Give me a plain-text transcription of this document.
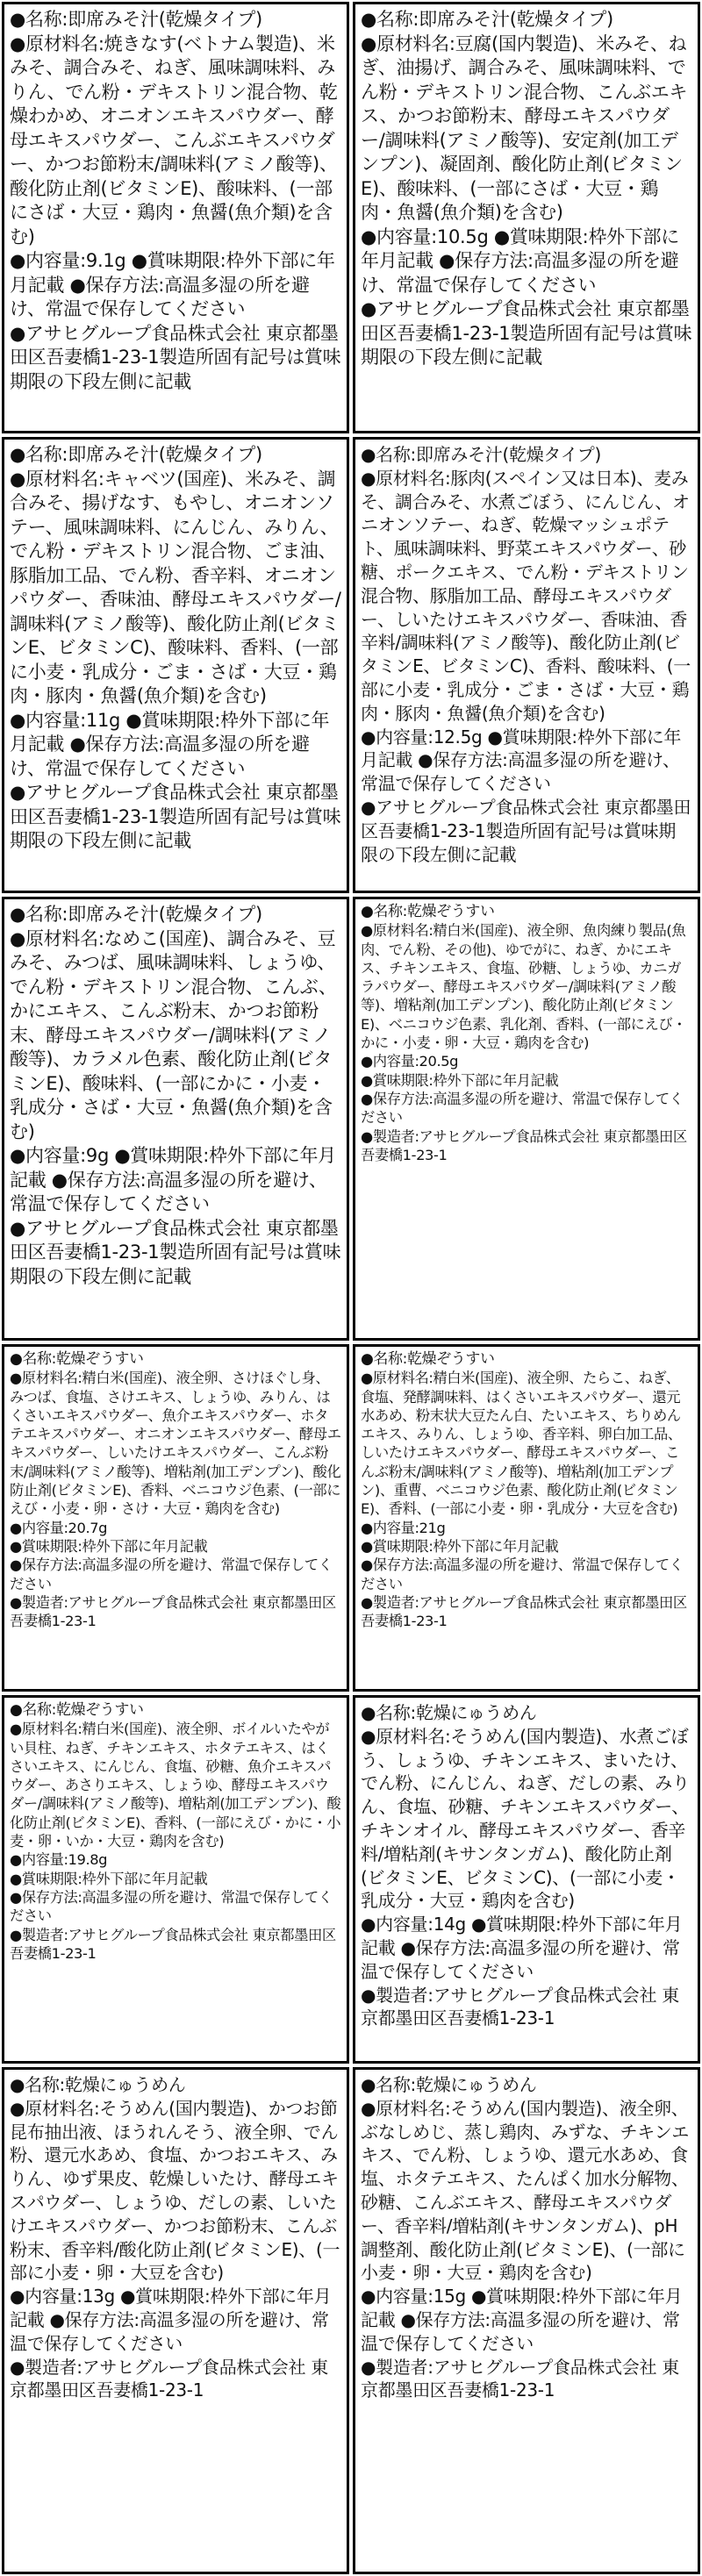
●名称:即席みそ汁(乾燥タイプ)

●原材料名:焼きなす(ベトナム製造)、米みそ、調合みそ、ねぎ、風味調味料、みりん、でん粉・デキストリン混合物、乾燥わかめ、オニオンエキスパウダー、酵母エキスパウダー、こんぶエキスパウダー、かつお節粉末/調味料(アミノ酸等)、酸化防止剤(ビタミンE)、酸味料、(一部にさば・大豆・鶏肉・魚醤(魚介類)を含む)

●内容量:9.1g ●賞味期限:枠外下部に年月記載 ●保存方法:高温多湿の所を避け、常温で保存してください

●アサヒグループ食品株式会社 東京都墨田区吾妻橋1-23-1製造所固有記号は賞味期限の下段左側に記載

●名称:即席みそ汁(乾燥タイプ)

●原材料名:豆腐(国内製造)、米みそ、ねぎ、油揚げ、調合みそ、風味調味料、でん粉・デキストリン混合物、こんぶエキス、かつお節粉末、酵母エキスパウダー/調味料(アミノ酸等)、安定剤(加工デンプン)、凝固剤、酸化防止剤(ビタミンE)、酸味料、(一部にさば・大豆・鶏肉・魚醤(魚介類)を含む)

●内容量:10.5g ●賞味期限:枠外下部に年月記載 ●保存方法:高温多湿の所を避け、常温で保存してください

●アサヒグループ食品株式会社 東京都墨田区吾妻橋1-23-1製造所固有記号は賞味期限の下段左側に記載

●名称:即席みそ汁(乾燥タイプ)

●原材料名:キャベツ(国産)、米みそ、調合みそ、揚げなす、もやし、オニオンソテー、風味調味料、にんじん、みりん、でん粉・デキストリン混合物、ごま油、豚脂加工品、でん粉、香辛料、オニオンパウダー、香味油、酵母エキスパウダー/調味料(アミノ酸等)、酸化防止剤(ビタミンE、ビタミンC)、酸味料、香料、(一部に小麦・乳成分・ごま・さば・大豆・鶏肉・豚肉・魚醤(魚介類)を含む)

●内容量:11g ●賞味期限:枠外下部に年月記載 ●保存方法:高温多湿の所を避け、常温で保存してください

●アサヒグループ食品株式会社 東京都墨田区吾妻橋1-23-1製造所固有記号は賞味期限の下段左側に記載

●名称:即席みそ汁(乾燥タイプ)

●原材料名:豚肉(スペイン又は日本)、麦みそ、調合みそ、水煮ごぼう、にんじん、オニオンソテー、ねぎ、乾燥マッシュポテト、風味調味料、野菜エキスパウダー、砂糖、ポークエキス、でん粉・デキストリン混合物、豚脂加工品、酵母エキスパウダー、しいたけエキスパウダー、香味油、香辛料/調味料(アミノ酸等)、酸化防止剤(ビタミンE、ビタミンC)、香料、酸味料、(一部に小麦・乳成分・ごま・さば・大豆・鶏肉・豚肉・魚醤(魚介類)を含む)

●内容量:12.5g ●賞味期限:枠外下部に年月記載 ●保存方法:高温多湿の所を避け、常温で保存してください

●アサヒグループ食品株式会社 東京都墨田区吾妻橋1-23-1製造所固有記号は賞味期限の下段左側に記載

●名称:即席みそ汁(乾燥タイプ)

●原材料名:なめこ(国産)、調合みそ、豆みそ、みつば、風味調味料、しょうゆ、でん粉・デキストリン混合物、こんぶ、かにエキス、こんぶ粉末、かつお節粉末、酵母エキスパウダー/調味料(アミノ酸等)、カラメル色素、酸化防止剤(ビタミンE)、酸味料、(一部にかに・小麦・乳成分・さば・大豆・魚醤(魚介類)を含む)

●内容量:9g ●賞味期限:枠外下部に年月記載 ●保存方法:高温多湿の所を避け、常温で保存してください

●アサヒグループ食品株式会社 東京都墨田区吾妻橋1-23-1製造所固有記号は賞味期限の下段左側に記載

●名称:乾燥ぞうすい

●原材料名:精白米(国産)、液全卵、魚肉練り製品(魚肉、でん粉、その他)、ゆでがに、ねぎ、かにエキス、チキンエキス、食塩、砂糖、しょうゆ、カニガラパウダー、酵母エキスパウダー/調味料(アミノ酸等)、増粘剤(加工デンプン)、酸化防止剤(ビタミンE)、ベニコウジ色素、乳化剤、香料、(一部にえび・かに・小麦・卵・大豆・鶏肉を含む)

●内容量:20.5g

●賞味期限:枠外下部に年月記載

●保存方法:高温多湿の所を避け、常温で保存してください

●製造者:アサヒグループ食品株式会社 東京都墨田区吾妻橋1-23-1

●名称:乾燥ぞうすい

●原材料名:精白米(国産)、液全卵、さけほぐし身、みつば、食塩、さけエキス、しょうゆ、みりん、はくさいエキスパウダー、魚介エキスパウダー、ホタテエキスパウダー、オニオンエキスパウダー、酵母エキスパウダー、しいたけエキスパウダー、こんぶ粉末/調味料(アミノ酸等)、増粘剤(加工デンプン)、酸化防止剤(ビタミンE)、香料、ベニコウジ色素、(一部にえび・小麦・卵・さけ・大豆・鶏肉を含む)

●内容量:20.7g

●賞味期限:枠外下部に年月記載

●保存方法:高温多湿の所を避け、常温で保存してください

●製造者:アサヒグループ食品株式会社 東京都墨田区吾妻橋1-23-1

●名称:乾燥ぞうすい

●原材料名:精白米(国産)、液全卵、たらこ、ねぎ、食塩、発酵調味料、はくさいエキスパウダー、還元水あめ、粉末状大豆たん白、たいエキス、ちりめんエキス、みりん、しょうゆ、香辛料、卵白加工品、しいたけエキスパウダー、酵母エキスパウダー、こんぶ粉末/調味料(アミノ酸等)、増粘剤(加工デンプン)、重曹、ベニコウジ色素、酸化防止剤(ビタミンE)、香料、(一部に小麦・卵・乳成分・大豆を含む)

●内容量:21g

●賞味期限:枠外下部に年月記載

●保存方法:高温多湿の所を避け、常温で保存してください

●製造者:アサヒグループ食品株式会社 東京都墨田区吾妻橋1-23-1

●名称:乾燥ぞうすい

●原材料名:精白米(国産)、液全卵、ボイルいたやがい貝柱、ねぎ、チキンエキス、ホタテエキス、はくさいエキス、にんじん、食塩、砂糖、魚介エキスパウダー、あさりエキス、しょうゆ、酵母エキスパウダー/調味料(アミノ酸等)、増粘剤(加工デンプン)、酸化防止剤(ビタミンE)、香料、(一部にえび・かに・小麦・卵・いか・大豆・鶏肉を含む)

●内容量:19.8g

●賞味期限:枠外下部に年月記載

●保存方法:高温多湿の所を避け、常温で保存してください

●製造者:アサヒグループ食品株式会社 東京都墨田区吾妻橋1-23-1

●名称:乾燥にゅうめん

●原材料名:そうめん(国内製造)、水煮ごぼう、しょうゆ、チキンエキス、まいたけ、でん粉、にんじん、ねぎ、だしの素、みりん、食塩、砂糖、チキンエキスパウダー、チキンオイル、酵母エキスパウダー、香辛料/増粘剤(キサンタンガム)、酸化防止剤(ビタミンE、ビタミンC)、(一部に小麦・乳成分・大豆・鶏肉を含む)

●内容量:14g ●賞味期限:枠外下部に年月記載 ●保存方法:高温多湿の所を避け、常温で保存してください

●製造者:アサヒグループ食品株式会社 東京都墨田区吾妻橋1-23-1

●名称:乾燥にゅうめん

●原材料名:そうめん(国内製造)、かつお節昆布抽出液、ほうれんそう、液全卵、でん粉、還元水あめ、食塩、かつおエキス、みりん、ゆず果皮、乾燥しいたけ、酵母エキスパウダー、しょうゆ、だしの素、しいたけエキスパウダー、かつお節粉末、こんぶ粉末、香辛料/酸化防止剤(ビタミンE)、(一部に小麦・卵・大豆を含む)

●内容量:13g ●賞味期限:枠外下部に年月記載 ●保存方法:高温多湿の所を避け、常温で保存してください

●製造者:アサヒグループ食品株式会社 東京都墨田区吾妻橋1-23-1

●名称:乾燥にゅうめん

●原材料名:そうめん(国内製造)、液全卵、ぶなしめじ、蒸し鶏肉、みずな、チキンエキス、でん粉、しょうゆ、還元水あめ、食塩、ホタテエキス、たんぱく加水分解物、砂糖、こんぶエキス、酵母エキスパウダー、香辛料/増粘剤(キサンタンガム)、pH調整剤、酸化防止剤(ビタミンE)、(一部に小麦・卵・大豆・鶏肉を含む)

●内容量:15g ●賞味期限:枠外下部に年月記載 ●保存方法:高温多湿の所を避け、常温で保存してください

●製造者:アサヒグループ食品株式会社 東京都墨田区吾妻橋1-23-1
